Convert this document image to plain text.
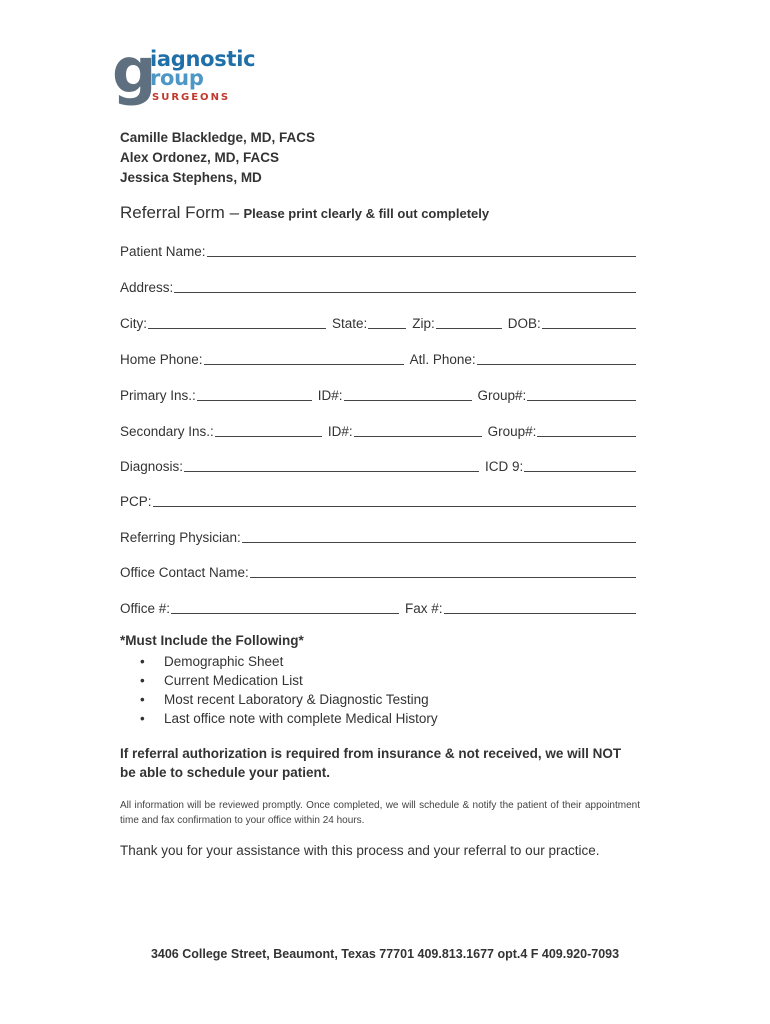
g
iagnostic
roup
SURGEONS
Camille Blackledge, MD, FACS
Alex Ordonez, MD, FACS
Jessica Stephens, MD
Referral Form – Please print clearly & fill out completely
Patient Name:
Address:
City:	State:	Zip:	DOB:
Home Phone:	Atl. Phone:
Primary Ins.:	ID#:	Group#:
Secondary Ins.:	ID#:	Group#:
Diagnosis:	ICD 9:
PCP:
Referring Physician:
Office Contact Name:
Office #:	Fax #:
*Must Include the Following*
• Demographic Sheet
• Current Medication List
• Most recent Laboratory & Diagnostic Testing
• Last office note with complete Medical History
If referral authorization is required from insurance & not received, we will NOT be able to schedule your patient.
All information will be reviewed promptly. Once completed, we will schedule & notify the patient of their appointment time and fax confirmation to your office within 24 hours.
Thank you for your assistance with this process and your referral to our practice.
3406 College Street, Beaumont, Texas 77701 409.813.1677 opt.4 F 409.920-7093
